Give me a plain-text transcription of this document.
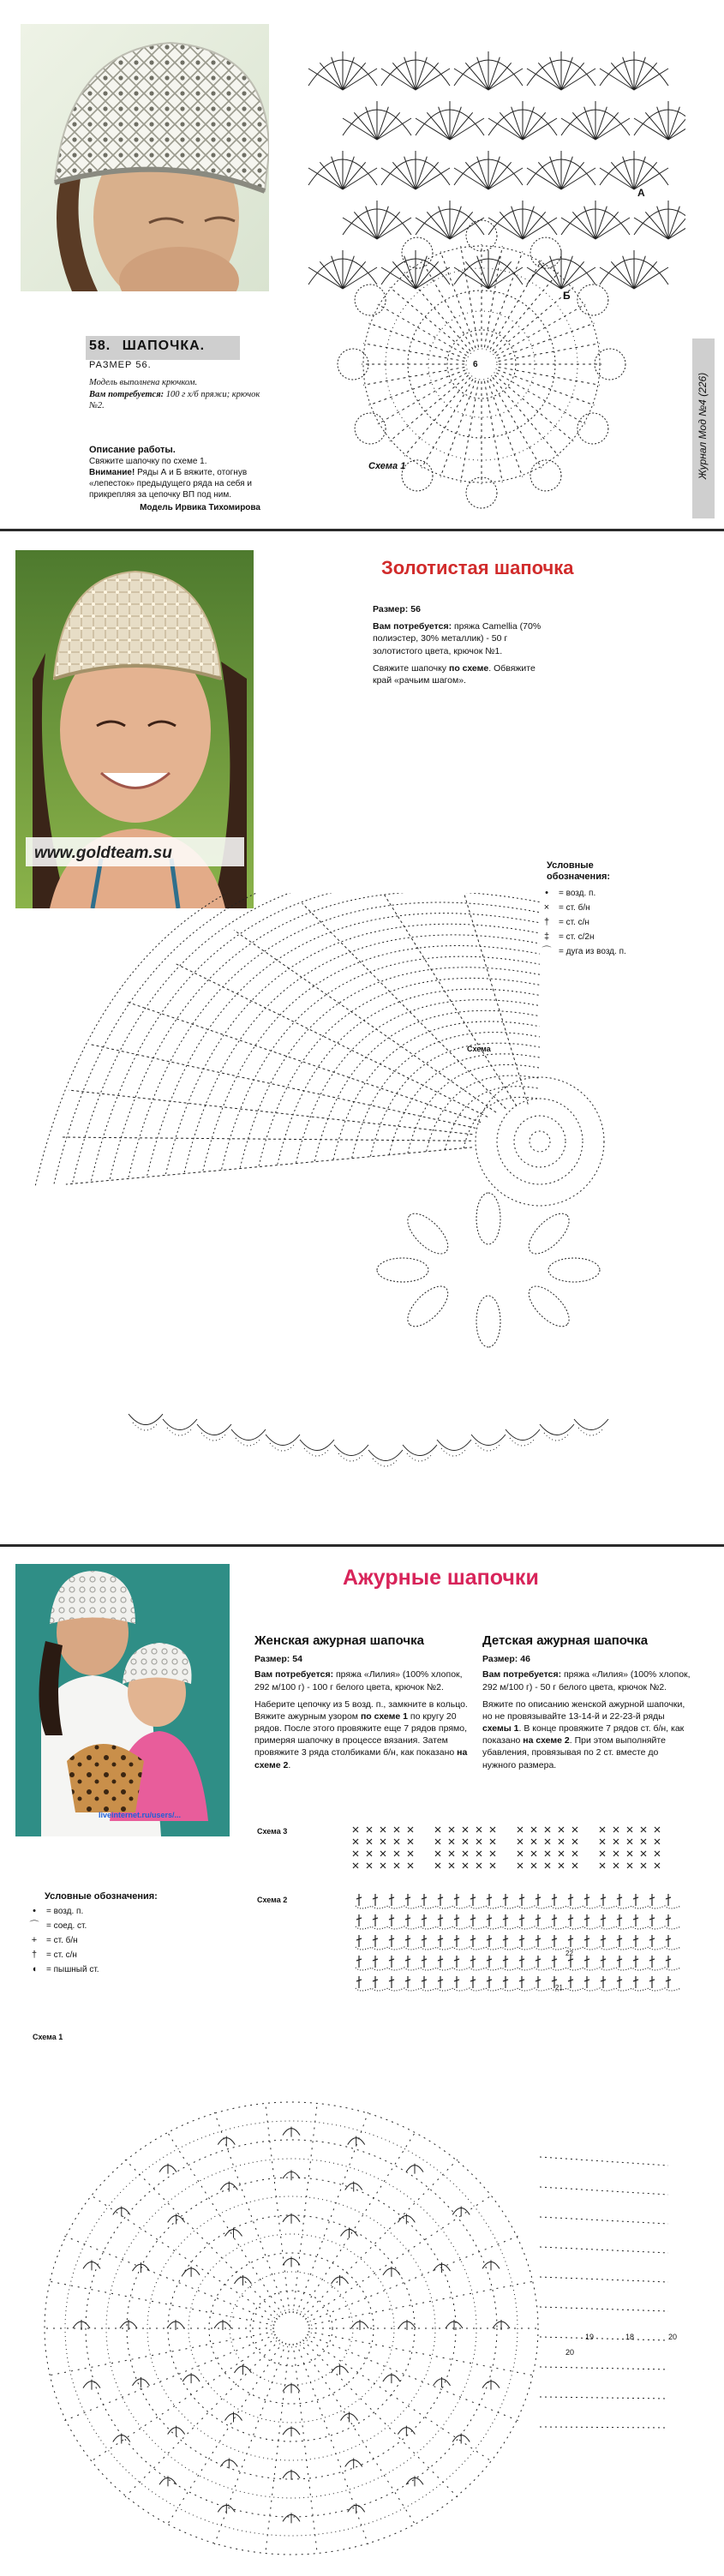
58. ШАПОЧКА.
РАЗМЕР 56.

Модель выполнена крючком.

Вам потребуется: 100 г х/б пряжи; крючок №2.

Описание работы.

Свяжите шапочку по схеме 1.

Внимание! Ряды А и Б вяжите, отогнув «лепесток» предыдущего ряда на себя и прикрепляя за цепочку ВП под ним.

Модель Ирвика Тихомирова

Схема 1
А
Б
6
Журнал Мод №4 (226)
www.goldteam.su
Золотистая шапочка

Размер: 56

Вам потребуется: пряжа Camellia (70% полиэстер, 30% металлик) - 50 г золотистого цвета, крючок №1.

Свяжите шапочку по схеме. Обвяжите край «рачьим шагом».

Условные обозначения:
•	= возд. п.
×	= ст. б/н
†	= ст. с/н
‡	= ст. с/2н
⌒ = дуга из возд. п.
Схема
liveinternet.ru/users/...
Ажурные шапочки

Женская ажурная шапочка

Размер: 54

Вам потребуется: пряжа «Лилия» (100% хлопок, 292 м/100 г) - 100 г белого цвета, крючок №2.

Наберите цепочку из 5 возд. п., замкните в кольцо. Вяжите ажурным узором по схеме 1 по кругу 20 рядов. После этого провяжите еще 7 рядов прямо, примеряя шапочку в процессе вязания. Затем провяжите 3 ряда столбиками б/н, как показано на схеме 2.

Детская ажурная шапочка

Размер: 46

Вам потребуется: пряжа «Лилия» (100% хлопок, 292 м/100 г) - 50 г белого цвета, крючок №2.

Вяжите по описанию женской ажурной шапочки, но не провязывайте 13-14-й и 22-23-й ряды схемы 1. В конце провяжите 7 рядов ст. б/н, как показано на схеме 2. При этом выполняйте убавления, провязывая по 2 ст. вместе до нужного размера.

Схема 3
Схема 2
21
22
Условные обозначения:
•	= возд. п.
⌒ = соед. ст.
+	= ст. б/н
†	= ст. с/н
◖	= пышный ст.
Схема 1
20
19	18
20
